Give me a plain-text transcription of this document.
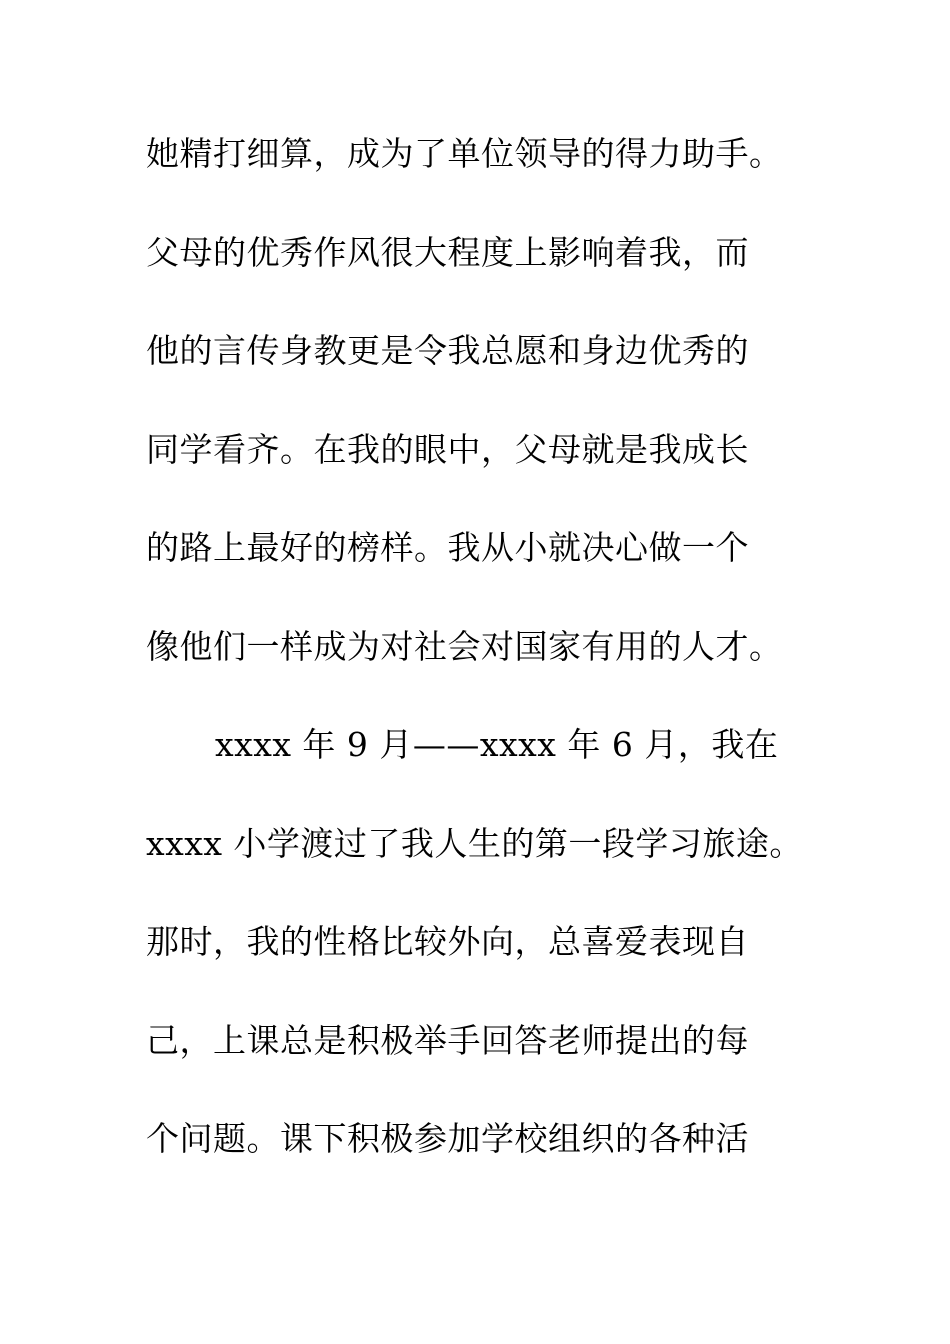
她精打细算，成为了单位领导的得力助手。
父母的优秀作风很大程度上影响着我，而
他的言传身教更是令我总愿和身边优秀的
同学看齐。在我的眼中，父母就是我成长
的路上最好的榜样。我从小就决心做一个
像他们一样成为对社会对国家有用的人才。
xxxx 年 9 月——xxxx 年 6 月，我在
xxxx 小学渡过了我人生的第一段学习旅途。
那时，我的性格比较外向，总喜爱表现自
己，上课总是积极举手回答老师提出的每
个问题。课下积极参加学校组织的各种活
